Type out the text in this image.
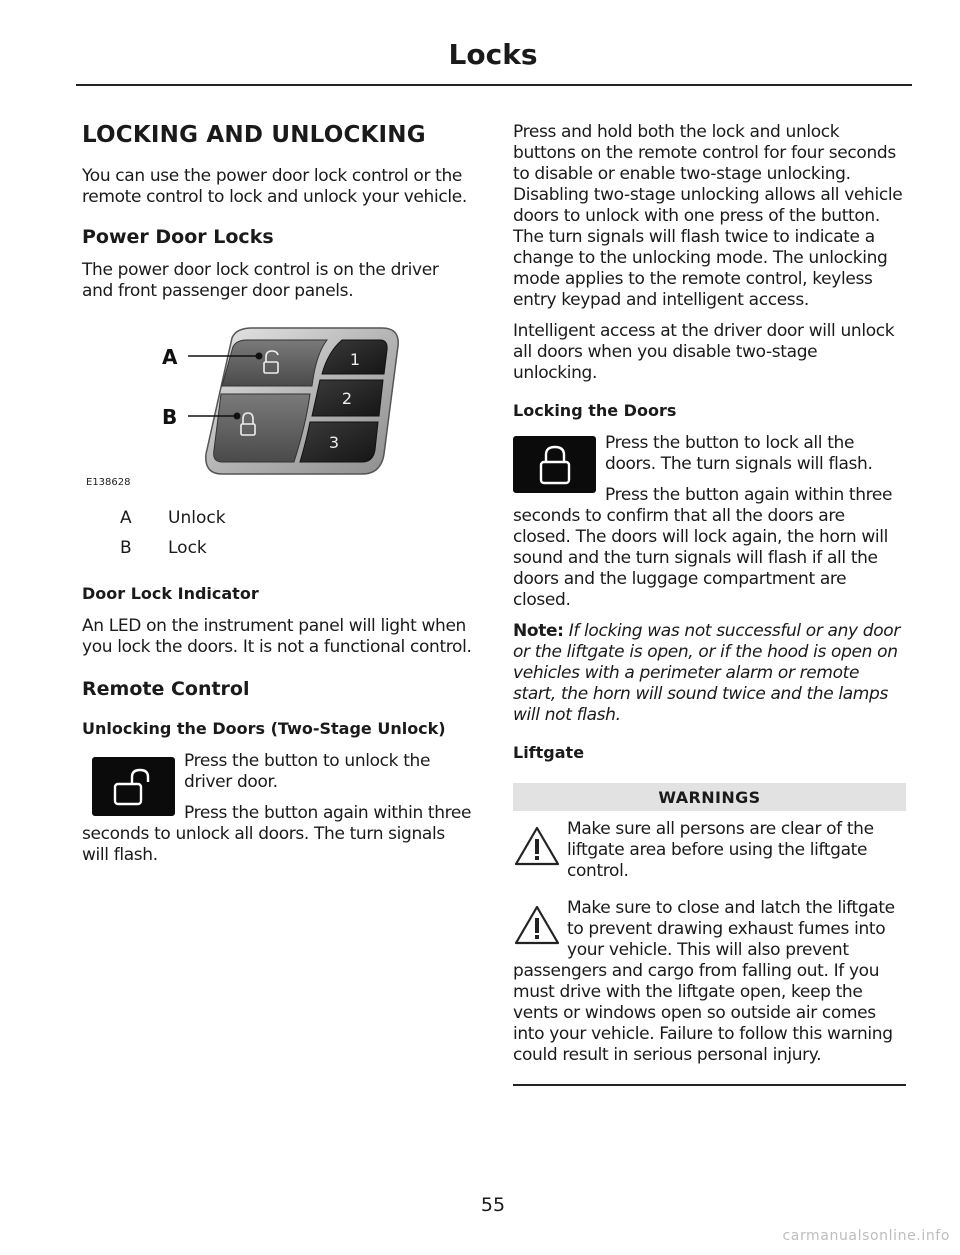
Locks
LOCKING AND UNLOCKING

You can use the power door lock control or the remote control to lock and unlock your vehicle.

Power Door Locks

The power door lock control is on the driver and front passenger door panels.

1
2
3
A
B
E138628
A	Unlock
B	Lock
Door Lock Indicator

An LED on the instrument panel will light when you lock the doors. It is not a functional control.

Remote Control
Unlocking the Doors (Two-Stage Unlock)

Press the button to unlock the driver door.

Press the button again within three seconds to unlock all doors. The turn signals will flash.

Press and hold both the lock and unlock buttons on the remote control for four seconds to disable or enable two-stage unlocking. Disabling two-stage unlocking allows all vehicle doors to unlock with one press of the button. The turn signals will flash twice to indicate a change to the unlocking mode. The unlocking mode applies to the remote control, keyless entry keypad and intelligent access.

Intelligent access at the driver door will unlock all doors when you disable two-stage unlocking.

Locking the Doors

Press the button to lock all the doors. The turn signals will flash.

Press the button again within three seconds to confirm that all the doors are closed. The doors will lock again, the horn will sound and the turn signals will flash if all the doors and the luggage compartment are closed.

Note: If locking was not successful or any door or the liftgate is open, or if the hood is open on vehicles with a perimeter alarm or remote start, the horn will sound twice and the lamps will not flash.

Liftgate
WARNINGS

Make sure all persons are clear of the liftgate area before using the liftgate control.

Make sure to close and latch the liftgate to prevent drawing exhaust fumes into your vehicle. This will also prevent passengers and cargo from falling out. If you must drive with the liftgate open, keep the vents or windows open so outside air comes into your vehicle. Failure to follow this warning could result in serious personal injury.

55
carmanualsonline.info
